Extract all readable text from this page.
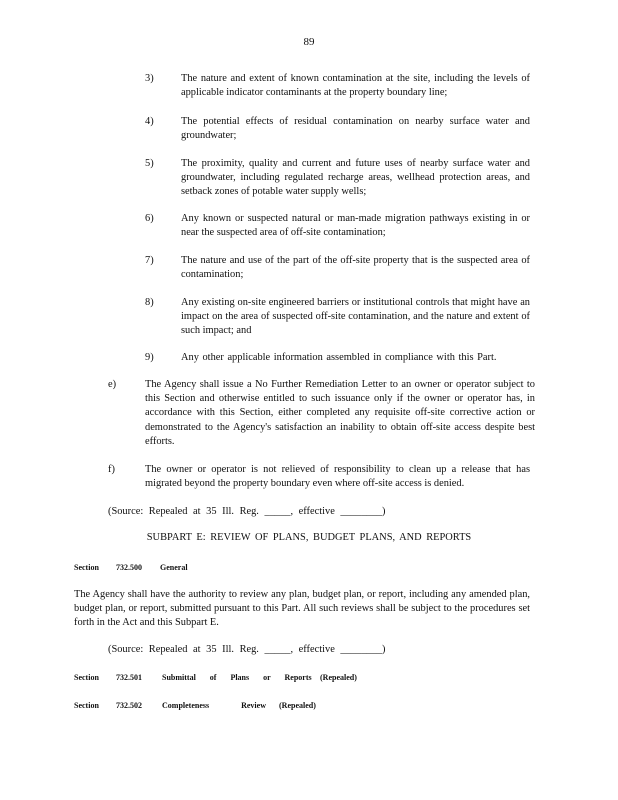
89
3)	The nature and extent of known contamination at the site, including the levels of applicable indicator contaminants at the property boundary line;
4)	The potential effects of residual contamination on nearby surface water and groundwater;
5)	The proximity, quality and current and future uses of nearby surface water and groundwater, including regulated recharge areas, wellhead protection areas, and setback zones of potable water supply wells;
6)	Any known or suspected natural or man-made migration pathways existing in or near the suspected area of off-site contamination;
7)	The nature and use of the part of the off-site property that is the suspected area of contamination;
8)	Any existing on-site engineered barriers or institutional controls that might have an impact on the area of suspected off-site contamination, and the nature and extent of such impact; and
9)	Any other applicable information assembled in compliance with this Part.
e)	The Agency shall issue a No Further Remediation Letter to an owner or operator subject to this Section and otherwise entitled to such issuance only if the owner or operator has, in accordance with this Section, either completed any requisite off-site corrective action or demonstrated to the Agency's satisfaction an inability to obtain off-site access despite best efforts.
f)	The owner or operator is not relieved of responsibility to clean up a release that has migrated beyond the property boundary even where off-site access is denied.
(Source: Repealed at 35 Ill. Reg. _____, effective ________)
SUBPART E: REVIEW OF PLANS, BUDGET PLANS, AND REPORTS
Section 732.500 General
The Agency shall have the authority to review any plan, budget plan, or report, including any amended plan, budget plan, or report, submitted pursuant to this Part. All such reviews shall be subject to the procedures set forth in the Act and this Subpart E.
(Source: Repealed at 35 Ill. Reg. _____, effective ________)
Section 732.501	Submittal of Plans or Reports (Repealed)
Section 732.502	Completeness Review (Repealed)
